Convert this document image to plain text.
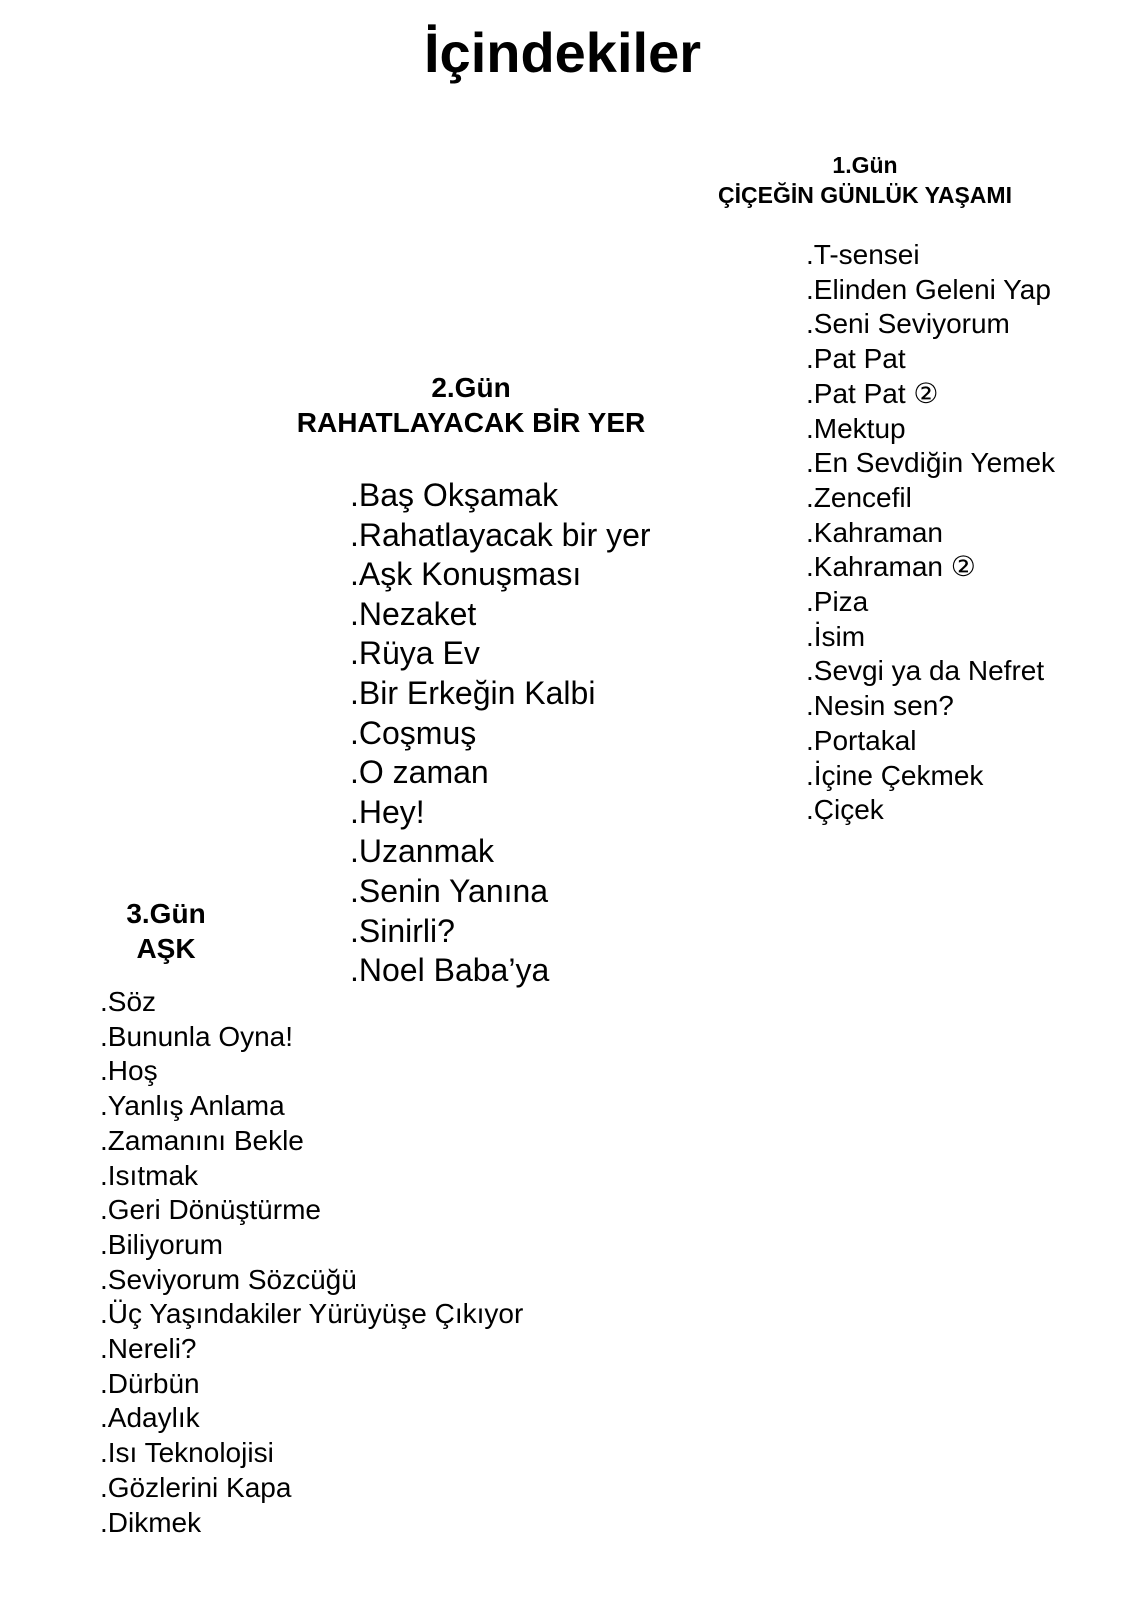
İçindekiler
1.Gün
ÇİÇEĞİN GÜNLÜK YAŞAMI
.T-sensei
.Elinden Geleni Yap
.Seni Seviyorum
.Pat Pat
.Pat Pat ②
.Mektup
.En Sevdiğin Yemek
.Zencefil
.Kahraman
.Kahraman ②
.Piza
.İsim
.Sevgi ya da Nefret
.Nesin sen?
.Portakal
.İçine Çekmek
.Çiçek
2.Gün
RAHATLAYACAK BİR YER
.Baş Okşamak
.Rahatlayacak bir yer
.Aşk Konuşması
.Nezaket
.Rüya Ev
.Bir Erkeğin Kalbi
.Coşmuş
.O zaman
.Hey!
.Uzanmak
.Senin Yanına
.Sinirli?
.Noel Baba’ya
3.Gün
AŞK
.Söz
.Bununla Oyna!
.Hoş
.Yanlış Anlama
.Zamanını Bekle
.Isıtmak
.Geri Dönüştürme
.Biliyorum
.Seviyorum Sözcüğü
.Üç Yaşındakiler Yürüyüşe Çıkıyor
.Nereli?
.Dürbün
.Adaylık
.Isı Teknolojisi
.Gözlerini Kapa
.Dikmek
